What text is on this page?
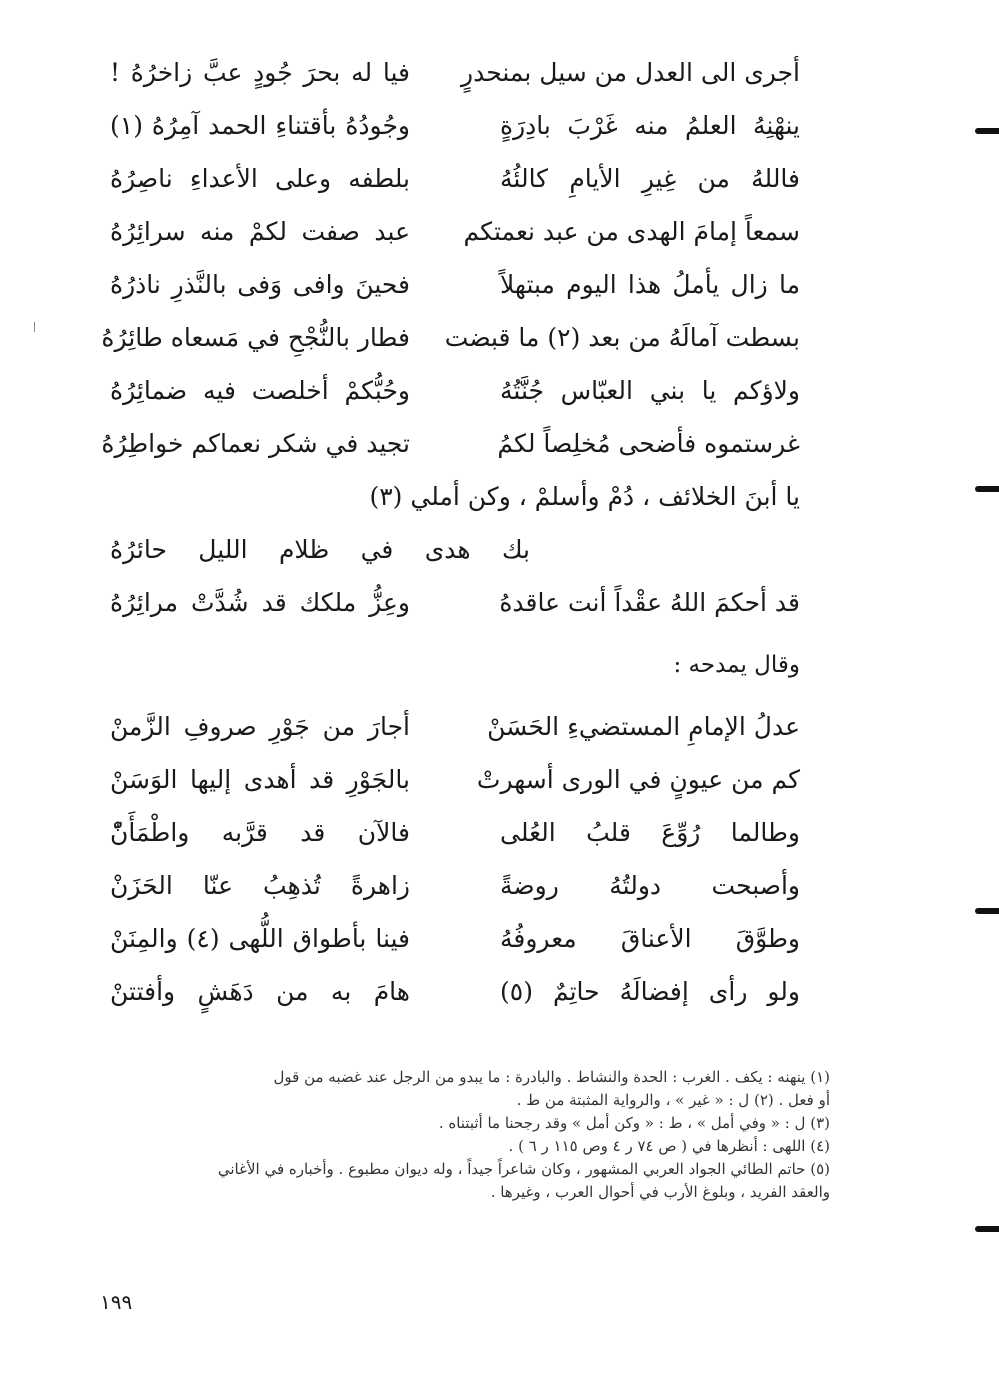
أجرى الى العدل من سيل بمنحدرٍ
فيا له بحرَ جُودٍ عبَّ زاخرُهُ !
ينهْنِهُ العلمُ منه غَرْبَ بادِرَةٍ
وجُودُهُ بأقتناءِ الحمد آمِرُهُ (١)
فاللهُ من غِيرِ الأيامِ كالئُهُ
بلطفه وعلى الأعداءِ ناصِرُهُ
سمعاً إمامَ الهدى من عبد نعمتكم
عبد صفت لكمْ منه سرائِرُهُ
ما زال يأملُ هذا اليوم مبتهلاً
فحينَ وافى وَفى بالنَّذرِ ناذرُهُ
بسطت آمالَهُ من بعد (٢) ما قبضت
فطار بالنُّجْحِ في مَسعاه طائِرُهُ
ولاؤكم يا بني العبّاس جُنَّتُهُ
وحُبُّكمْ أخلصت فيه ضمائِرُهُ
غرستموه فأضحى مُخلِصاً لكمُ
تجيد في شكر نعماكم خواطِرُهُ
يا أبنَ الخلائف ، دُمْ وأسلمْ ، وكن أملي (٣)
بك هدى في ظلام الليل حائرُهُ
قد أحكمَ اللهُ عقْداً أنت عاقدهُ
وعِزُّ ملكك قد شُدَّتْ مرائِرُهُ
وقال يمدحه :
عدلُ الإمامِ المستضيءِ الحَسَنْ
أجارَ من جَوْرِ صروفِ الزَّمنْ
كم من عيونٍ في الورى أسهرتْ
بالجَوْرِ قد أهدى إليها الوَسَنْ
وطالما رُوِّعَ قلبُ العُلى
فالآن قد قرَّبه واطْمَأَنّْ
وأصبحت دولتُهُ روضةً
زاهرةً تُذهِبُ عنّا الحَزَنْ
وطوَّقَ الأعناقَ معروفُهُ
فينا بأطواق اللُّهى (٤) والمِنَنْ
ولو رأى إفضالَهُ حاتِمٌ (٥)
هامَ به من دَهَشٍ وأفتتنْ

(١) ينهنه : يكف . الغرب : الحدة والنشاط . والبادرة : ما يبدو من الرجل عند غضبه من قول

أو فعل . (٢) ل : « غير » ، والرواية المثبتة من ط .

(٣) ل : « وفي أمل » ، ط : « وكن أمل » وقد رجحنا ما أثبتناه .

(٤) اللهى : أنظرها في ( ص ٧٤ ر ٤ وص ١١٥ ر ٦ ) .

(٥) حاتم الطائي الجواد العربي المشهور ، وكان شاعراً جيداً ، وله ديوان مطبوع . وأخباره في الأغاني

والعقد الفريد ، وبلوغ الأرب في أحوال العرب ، وغيرها .

١٩٩
